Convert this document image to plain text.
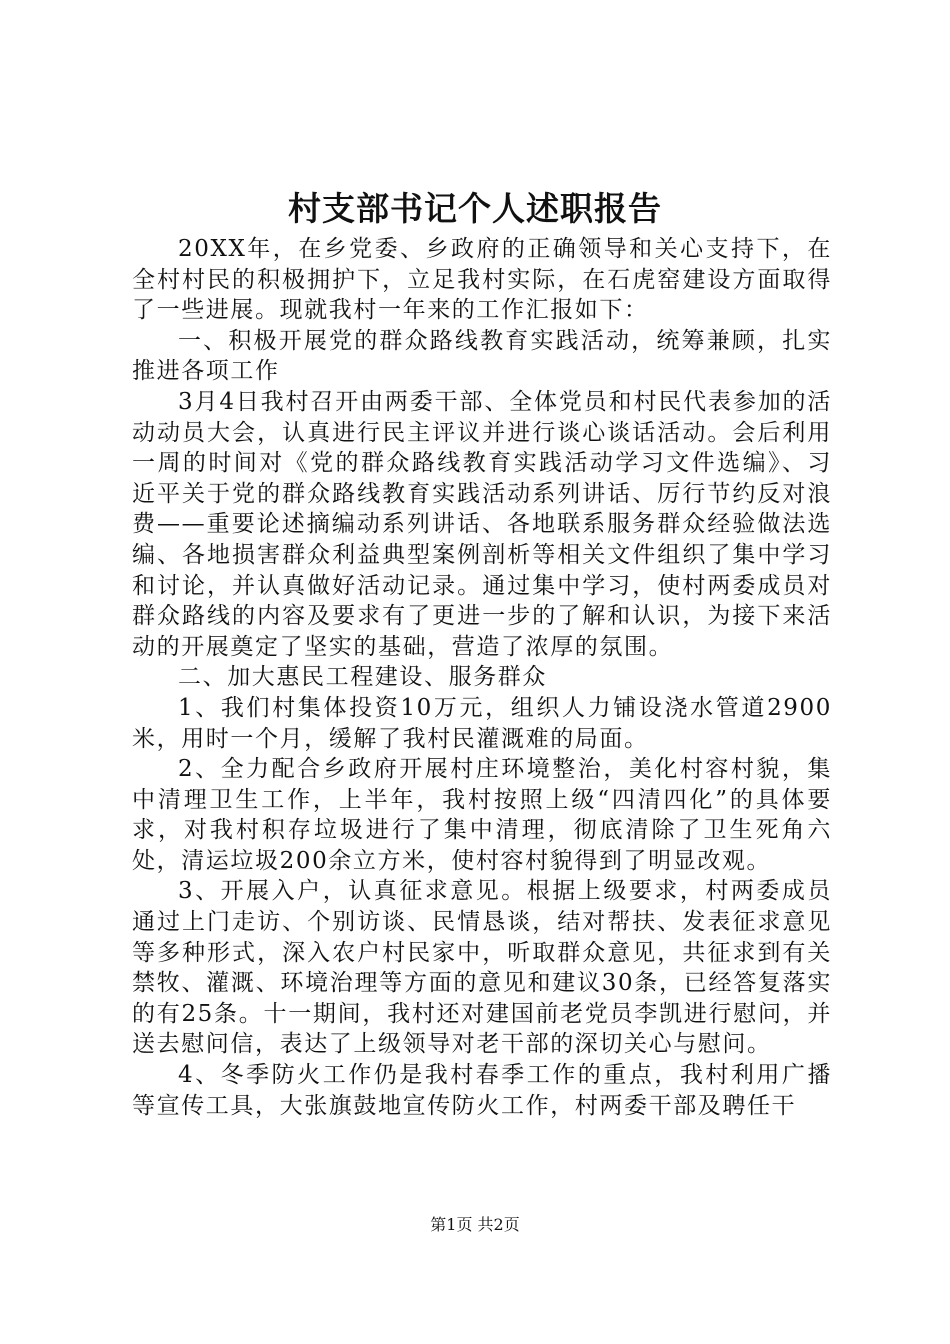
村支部书记个人述职报告

20XX年，在乡党委、乡政府的正确领导和关心支持下，在全村村民的积极拥护下，立足我村实际，在石虎窑建设方面取得了一些进展。现就我村一年来的工作汇报如下：

一、积极开展党的群众路线教育实践活动，统筹兼顾，扎实推进各项工作

3月4日我村召开由两委干部、全体党员和村民代表参加的活动动员大会，认真进行民主评议并进行谈心谈话活动。会后利用一周的时间对《党的群众路线教育实践活动学习文件选编》、习近平关于党的群众路线教育实践活动系列讲话、厉行节约反对浪费——重要论述摘编动系列讲话、各地联系服务群众经验做法选编、各地损害群众利益典型案例剖析等相关文件组织了集中学习和讨论，并认真做好活动记录。通过集中学习，使村两委成员对群众路线的内容及要求有了更进一步的了解和认识，为接下来活动的开展奠定了坚实的基础，营造了浓厚的氛围。

二、加大惠民工程建设、服务群众

1、我们村集体投资10万元，组织人力铺设浇水管道2900米，用时一个月，缓解了我村民灌溉难的局面。

2、全力配合乡政府开展村庄环境整治，美化村容村貌，集中清理卫生工作，上半年，我村按照上级“四清四化”的具体要求，对我村积存垃圾进行了集中清理，彻底清除了卫生死角六处，清运垃圾200余立方米，使村容村貌得到了明显改观。

3、开展入户，认真征求意见。根据上级要求，村两委成员通过上门走访、个别访谈、民情恳谈，结对帮扶、发表征求意见等多种形式，深入农户村民家中，听取群众意见，共征求到有关禁牧、灌溉、环境治理等方面的意见和建议30条，已经答复落实的有25条。十一期间，我村还对建国前老党员李凯进行慰问，并送去慰问信，表达了上级领导对老干部的深切关心与慰问。

4、冬季防火工作仍是我村春季工作的重点，我村利用广播等宣传工具，大张旗鼓地宣传防火工作，村两委干部及聘任干

第1页 共2页
